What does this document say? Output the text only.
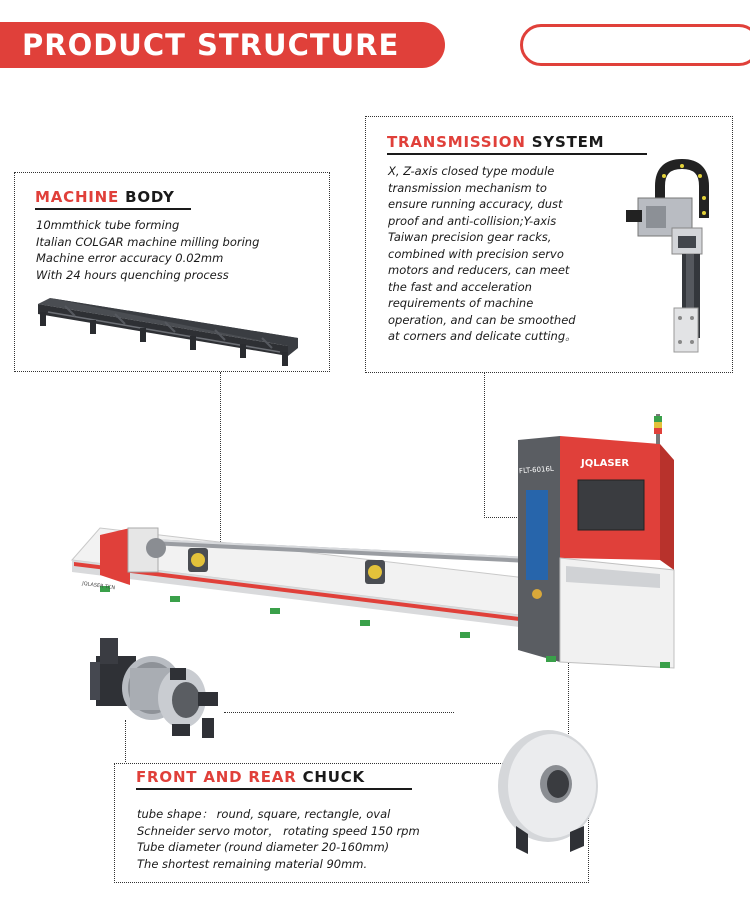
PRODUCT STRUCTURE
MACHINE BODY
10mmthick tube forming
Italian COLGAR machine milling boring
Machine error accuracy 0.02mm
With 24 hours quenching process
TRANSMISSION SYSTEM
X, Z-axis closed type module
transmission mechanism to
ensure running accuracy, dust
proof and anti-collision;Y-axis
Taiwan precision gear racks,
combined with precision servo
motors and reducers, can meet
the fast and acceleration
requirements of machine
operation, and can be smoothed
at corners and delicate cutting。
FLT-6016L
JQLASER
JQLASER TCN
FRONT AND REAR CHUCK
tube shape： round, square, rectangle, oval
Schneider servo motor， rotating speed 150 rpm
Tube diameter (round diameter 20-160mm)
The shortest remaining material 90mm.
